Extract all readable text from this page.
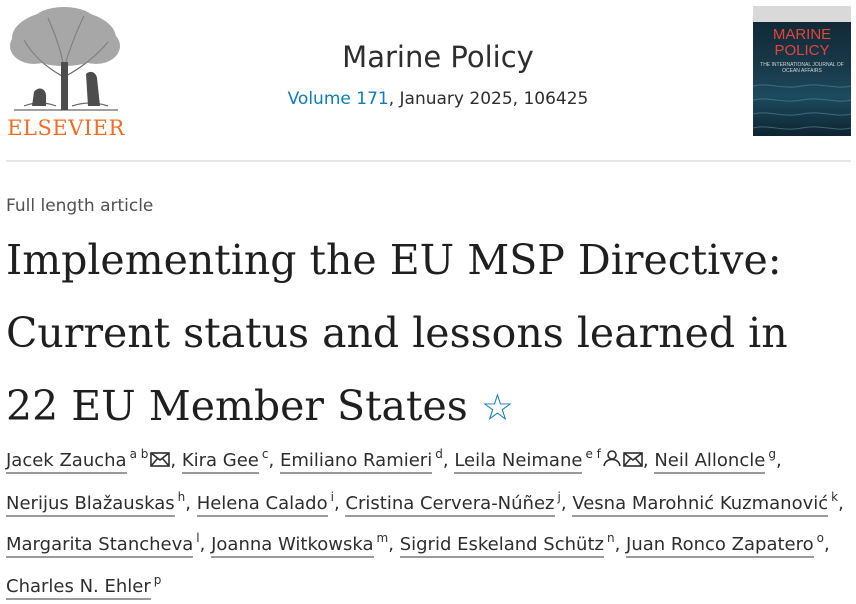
ELSEVIER
Marine Policy
Volume 171, January 2025, 106425
MARINE POLICY
THE INTERNATIONAL JOURNAL OF OCEAN AFFAIRS
Full length article
Implementing the EU MSP Directive: Current status and lessons learned in 22 EU Member States ☆
Jacek Zaucha $^{a b}$ , Kira Gee $^c$, Emiliano Ramieri $^d$, Leila Neimane $^{e f}$ , Neil Alloncle $^g$, Nerijus Blažauskas $^h$, Helena Calado $^i$, Cristina Cervera-Núñez $^j$, Vesna Marohnić Kuzmanović $^k$, Margarita Stancheva $^l$, Joanna Witkowska $^m$, Sigrid Eskeland Schütz $^n$, Juan Ronco Zapatero $^o$, Charles N. Ehler $^p$
